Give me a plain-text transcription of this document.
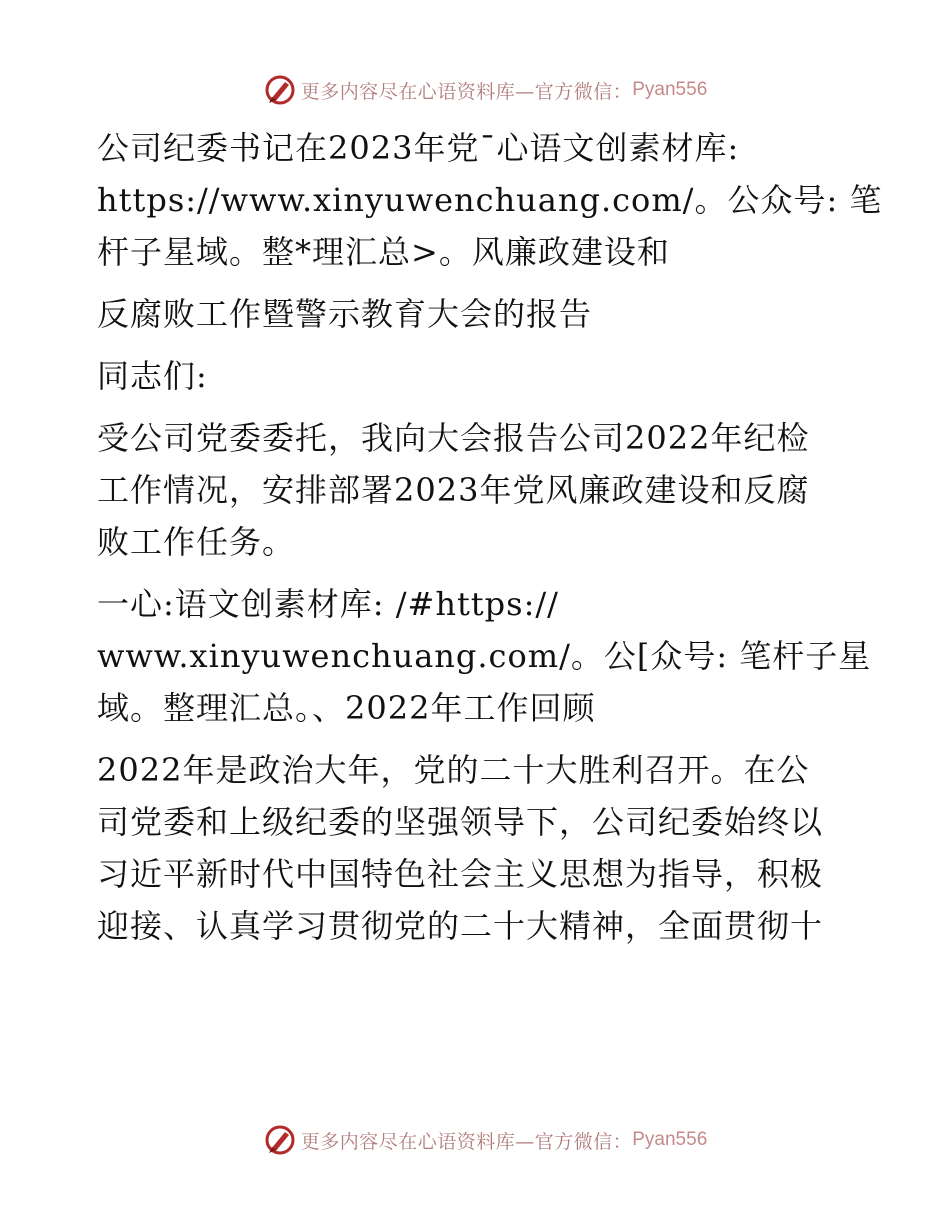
更多内容尽在心语资料库—官方微信： Pyan556
公司纪委书记在2023年党¯心语文创素材库:
https://www.xinyuwenchuang.com/。公众号: 笔
杆子星域。整*理汇总>。风廉政建设和
反腐败工作暨警示教育大会的报告
同志们:
受公司党委委托，我向大会报告公司2022年纪检
工作情况，安排部署2023年党风廉政建设和反腐
败工作任务。
一心:语文创素材库: /#https://
www.xinyuwenchuang.com/。公[众号: 笔杆子星
域。整理汇总。、2022年工作回顾
2022年是政治大年，党的二十大胜利召开。在公
司党委和上级纪委的坚强领导下，公司纪委始终以
习近平新时代中国特色社会主义思想为指导，积极
迎接、认真学习贯彻党的二十大精神，全面贯彻十
更多内容尽在心语资料库—官方微信： Pyan556
